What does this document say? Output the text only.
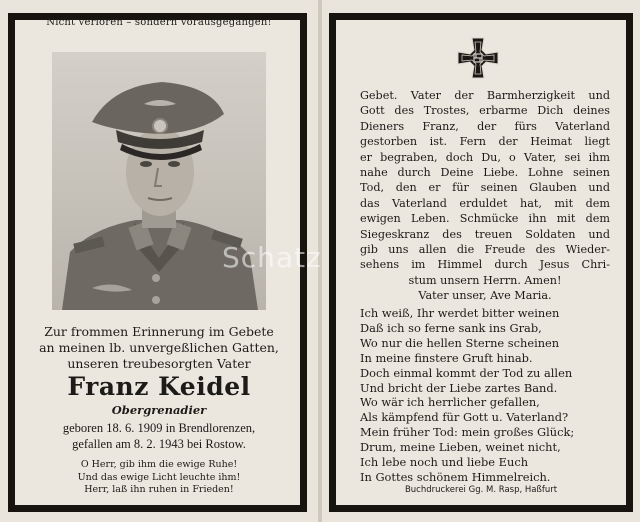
Nicht verloren – sondern vorausgegangen!
Zur frommen Erinnerung im Gebete
an meinen lb. unvergeßlichen Gatten,
unseren treubesorgten Vater
Franz Keidel
Obergrenadier
geboren 18. 6. 1909 in Brendlorenzen,
gefallen am 8. 2. 1943 bei Rostow.
O Herr, gib ihm die ewige Ruhe!
Und das ewige Licht leuchte ihm!
Herr, laß ihn ruhen in Frieden!
Gebet. Vater der Barmherzigkeit und
Gott des Trostes, erbarme Dich deines
Dieners Franz, der fürs Vaterland
gestorben ist. Fern der Heimat liegt
er begraben, doch Du, o Vater, sei ihm
nahe durch Deine Liebe. Lohne seinen
Tod, den er für seinen Glauben und
das Vaterland erduldet hat, mit dem
ewigen Leben. Schmücke ihn mit dem
Siegeskranz des treuen Soldaten und
gib uns allen die Freude des Wieder-
sehens im Himmel durch Jesus Chri-
stum unsern Herrn. Amen!
Vater unser, Ave Maria.
Ich weiß, Ihr werdet bitter weinen
Daß ich so ferne sank ins Grab,
Wo nur die hellen Sterne scheinen
In meine finstere Gruft hinab.
Doch einmal kommt der Tod zu allen
Und bricht der Liebe zartes Band.
Wo wär ich herrlicher gefallen,
Als kämpfend für Gott u. Vaterland?
Mein früher Tod: mein großes Glück;
Drum, meine Lieben, weinet nicht,
Ich lebe noch und liebe Euch
In Gottes schönem Himmelreich.
Buchdruckerei Gg. M. Rasp, Haßfurt
Schatz
